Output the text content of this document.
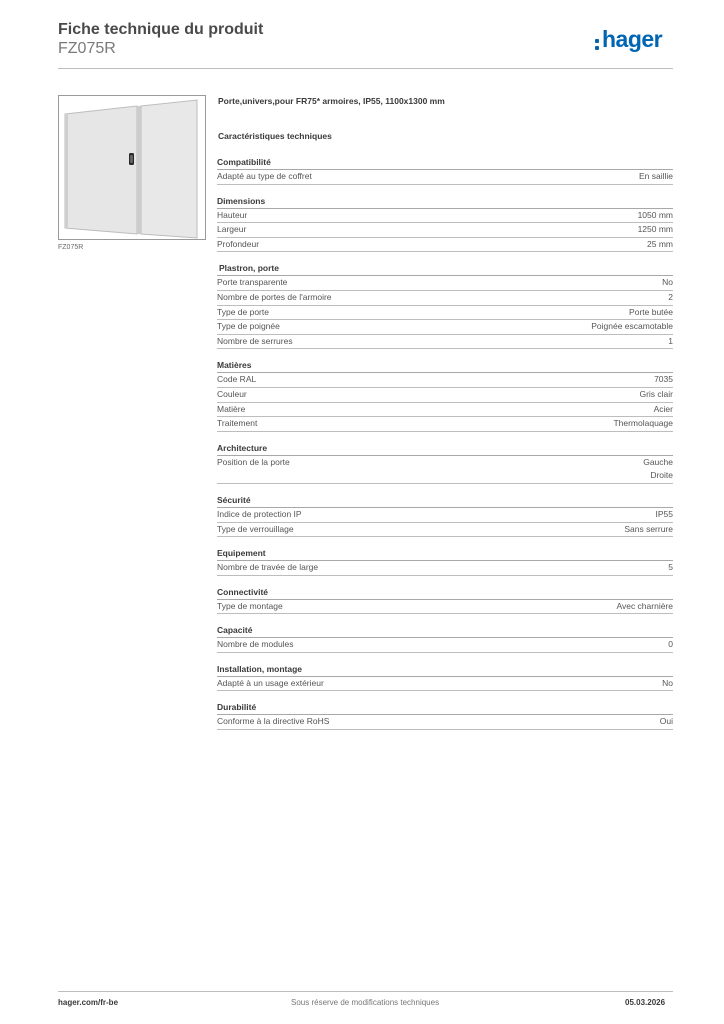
Fiche technique du produit
FZ075R	hager
FZ075R
Porte,univers,pour FR75* armoires, IP55, 1100x1300 mm
Caractéristiques techniques
Compatibilité
Adapté au type de coffret	En saillie
Dimensions
Hauteur	1050 mm
Largeur	1250 mm
Profondeur	25 mm
Plastron, porte
Porte transparente	No
Nombre de portes de l'armoire	2
Type de porte	Porte butée
Type de poignée	Poignée escamotable
Nombre de serrures	1
Matières
Code RAL	7035
Couleur	Gris clair
Matière	Acier
Traitement	Thermolaquage
Architecture
Position de la porte	Gauche
Droite
Sécurité
Indice de protection IP	IP55
Type de verrouillage	Sans serrure
Equipement
Nombre de travée de large	5
Connectivité
Type de montage	Avec charnière
Capacité
Nombre de modules	0
Installation, montage
Adapté à un usage extérieur	No
Durabilité
Conforme à la directive RoHS	Oui
hager.com/fr-be	Sous réserve de modifications techniques	05.03.2026
